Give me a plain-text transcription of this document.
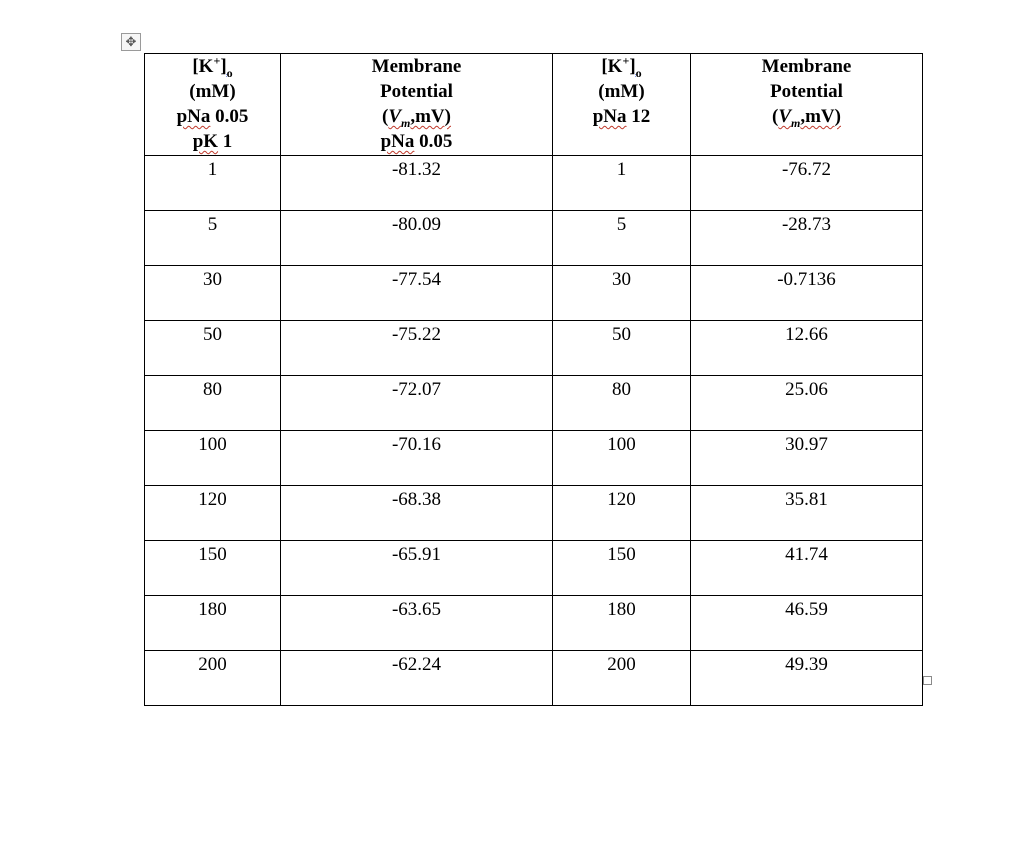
✥
$[K^+]_o$
(mM)
pNa 0.05
pK 1	Membrane
Potential
$(V_m,mV)$
pNa 0.05	$[K^+]_o$
(mM)
pNa 12	Membrane
Potential
$(V_m,mV)$

1	-81.32	1	-76.72
5	-80.09	5	-28.73
30	-77.54	30	-0.7136
50	-75.22	50	12.66
80	-72.07	80	25.06
100	-70.16	100	30.97
120	-68.38	120	35.81
150	-65.91	150	41.74
180	-63.65	180	46.59
200	-62.24	200	49.39
